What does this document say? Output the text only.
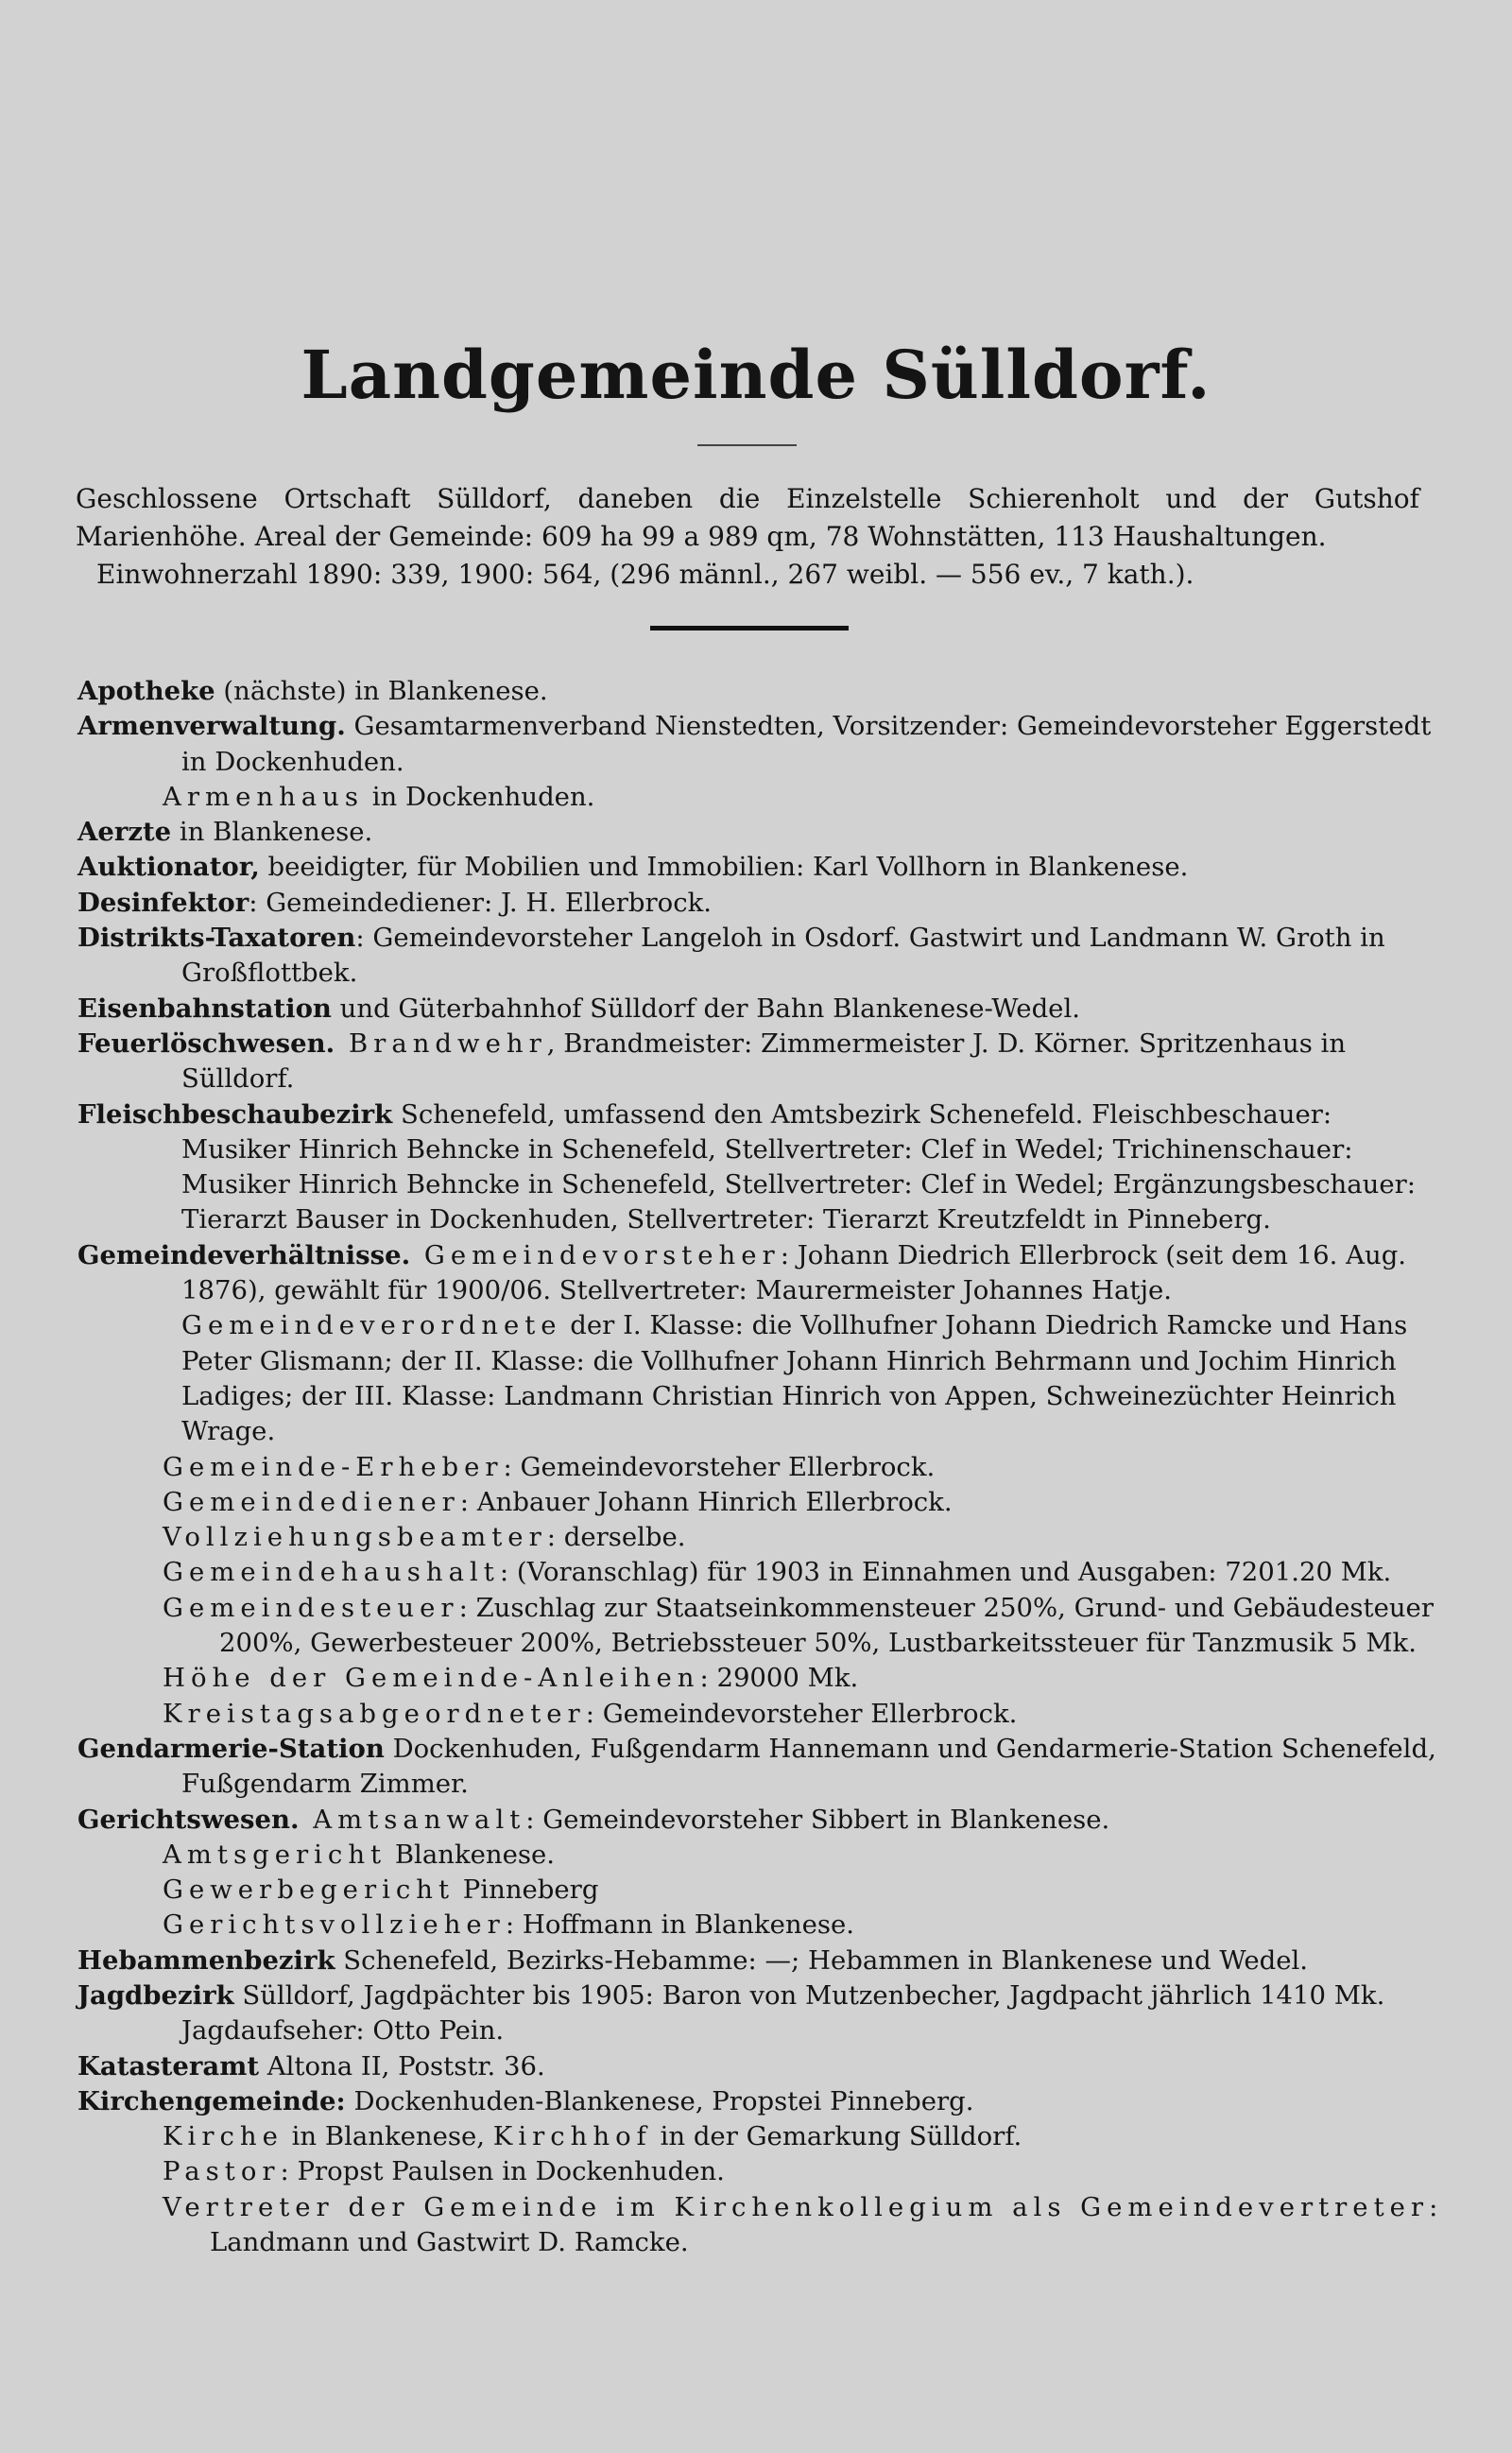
Landgemeinde Sülldorf.

Geschlossene Ortschaft Sülldorf, daneben die Einzelstelle Schierenholt und der Gutshof

Marienhöhe. Areal der Gemeinde: 609 ha 99 a 989 qm, 78 Wohnstätten, 113 Haushaltungen.

Einwohnerzahl 1890: 339, 1900: 564, (296 männl., 267 weibl. — 556 ev., 7 kath.).

Apotheke (nächste) in Blankenese.

Armenverwaltung. Gesamtarmenverband Nienstedten, Vorsitzender: Gemeindevorsteher Eggerstedt in Dockenhuden.

Armenhaus in Dockenhuden.

Aerzte in Blankenese.

Auktionator, beeidigter, für Mobilien und Immobilien: Karl Vollhorn in Blankenese.

Desinfektor: Gemeindediener: J. H. Ellerbrock.

Distrikts-Taxatoren: Gemeindevorsteher Langeloh in Osdorf. Gastwirt und Landmann W. Groth in Großflottbek.

Eisenbahnstation und Güterbahnhof Sülldorf der Bahn Blankenese-Wedel.

Feuerlöschwesen. Brandwehr, Brandmeister: Zimmermeister J. D. Körner. Spritzenhaus in Sülldorf.

Fleischbeschaubezirk Schenefeld, umfassend den Amtsbezirk Schenefeld. Fleischbeschauer: Musiker Hinrich Behncke in Schenefeld, Stellvertreter: Clef in Wedel; Trichinenschauer: Musiker Hinrich Behncke in Schenefeld, Stellvertreter: Clef in Wedel; Ergänzungsbeschauer: Tierarzt Bauser in Dockenhuden, Stellvertreter: Tierarzt Kreutzfeldt in Pinneberg.

Gemeindeverhältnisse. Gemeindevorsteher: Johann Diedrich Ellerbrock (seit dem 16. Aug. 1876), gewählt für 1900/06. Stellvertreter: Maurermeister Johannes Hatje. Gemeindeverordnete der I. Klasse: die Vollhufner Johann Diedrich Ramcke und Hans Peter Glismann; der II. Klasse: die Vollhufner Johann Hinrich Behrmann und Jochim Hinrich Ladiges; der III. Klasse: Landmann Christian Hinrich von Appen, Schweinezüchter Heinrich Wrage.

Gemeinde-Erheber: Gemeindevorsteher Ellerbrock.

Gemeindediener: Anbauer Johann Hinrich Ellerbrock.

Vollziehungsbeamter: derselbe.

Gemeindehaushalt: (Voranschlag) für 1903 in Einnahmen und Ausgaben: 7201.20 Mk.

Gemeindesteuer: Zuschlag zur Staatseinkommensteuer 250%, Grund- und Gebäudesteuer 200%, Gewerbesteuer 200%, Betriebssteuer 50%, Lustbarkeitssteuer für Tanzmusik 5 Mk.

Höhe der Gemeinde-Anleihen: 29000 Mk.

Kreistagsabgeordneter: Gemeindevorsteher Ellerbrock.

Gendarmerie-Station Dockenhuden, Fußgendarm Hannemann und Gendarmerie-Station Schenefeld, Fußgendarm Zimmer.

Gerichtswesen. Amtsanwalt: Gemeindevorsteher Sibbert in Blankenese.

Amtsgericht Blankenese.

Gewerbegericht Pinneberg

Gerichtsvollzieher: Hoffmann in Blankenese.

Hebammenbezirk Schenefeld, Bezirks-Hebamme: —; Hebammen in Blankenese und Wedel.

Jagdbezirk Sülldorf, Jagdpächter bis 1905: Baron von Mutzenbecher, Jagdpacht jährlich 1410 Mk. Jagdaufseher: Otto Pein.

Katasteramt Altona II, Poststr. 36.

Kirchengemeinde: Dockenhuden-Blankenese, Propstei Pinneberg.

Kirche in Blankenese, Kirchhof in der Gemarkung Sülldorf.

Pastor: Propst Paulsen in Dockenhuden.

Vertreter der Gemeinde im Kirchenkollegium als Gemeindevertreter: Landmann und Gastwirt D. Ramcke.
